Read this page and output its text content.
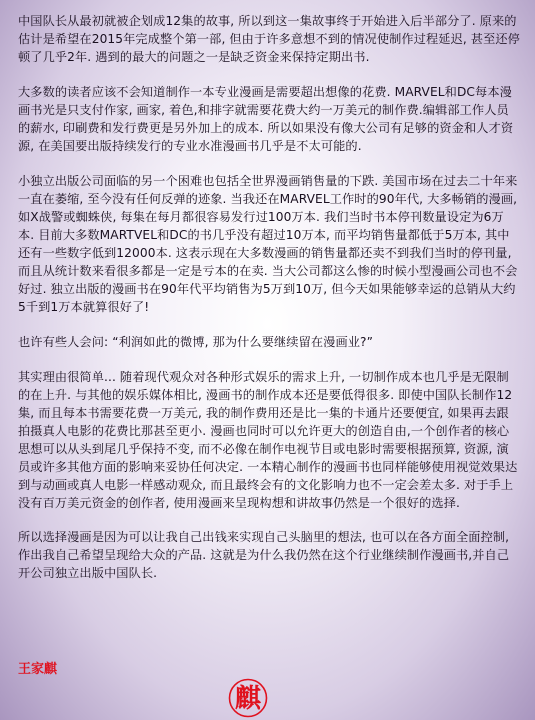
中国队长从最初就被企划成12集的故事, 所以到这一集故事终于开始进入后半部分了. 原来的估计是希望在2015年完成整个第一部, 但由于许多意想不到的情况使制作过程延迟, 甚至还停顿了几乎2年. 遇到的最大的问题之一是缺乏资金来保持定期出书.

大多数的读者应该不会知道制作一本专业漫画是需要超出想像的花费. MARVEL和DC每本漫画书光是只支付作家, 画家, 着色,和排字就需要花费大约一万美元的制作费.编辑部工作人员的薪水, 印刷费和发行费更是另外加上的成本. 所以如果没有像大公司有足够的资金和人才资源, 在美国要出版持续发行的专业水准漫画书几乎是不太可能的.

小独立出版公司面临的另一个困难也包括全世界漫画销售量的下跌. 美国市场在过去二十年来一直在萎缩, 至今没有任何反弹的迹象. 当我还在MARVEL工作时的90年代, 大多畅销的漫画, 如X战警或蜘蛛侠, 每集在每月都很容易发行过100万本. 我们当时书本停刊数量设定为6万本. 目前大多数MARTVEL和DC的书几乎没有超过10万本, 而平均销售量都低于5万本, 其中还有一些数字低到12000本. 这表示现在大多数漫画的销售量都还卖不到我们当时的停刊量, 而且从统计数来看很多都是一定是亏本的在卖. 当大公司都这么惨的时候小型漫画公司也不会好过. 独立出版的漫画书在90年代平均销售为5万到10万, 但今天如果能够幸运的总销从大约5千到1万本就算很好了!

也许有些人会问: “利润如此的微博, 那为什么要继续留在漫画业?”

其实理由很简单... 随着现代观众对各种形式娱乐的需求上升, 一切制作成本也几乎是无限制的在上升. 与其他的娱乐媒体相比, 漫画书的制作成本还是要低得很多. 即使中国队长制作12集, 而且每本书需要花费一万美元, 我的制作费用还是比一集的卡通片还要便宜, 如果再去跟拍摄真人电影的花费比那甚至更小. 漫画也同时可以允许更大的创造自由,一个创作者的核心思想可以从头到尾几乎保持不变, 而不必像在制作电视节目或电影时需要根据预算, 资源, 演员或许多其他方面的影响来妥协任何决定. 一本精心制作的漫画书也同样能够使用视觉效果达到与动画或真人电影一样感动观众, 而且最终会有的文化影响力也不一定会差太多. 对于手上没有百万美元资金的创作者, 使用漫画来呈现构想和讲故事仍然是一个很好的选择.

所以选择漫画是因为可以让我自己出钱来实现自己头脑里的想法, 也可以在各方面全面控制, 作出我自己希望呈现给大众的产品. 这就是为什么我仍然在这个行业继续制作漫画书,并自己开公司独立出版中国队长.

王家麒
麒
